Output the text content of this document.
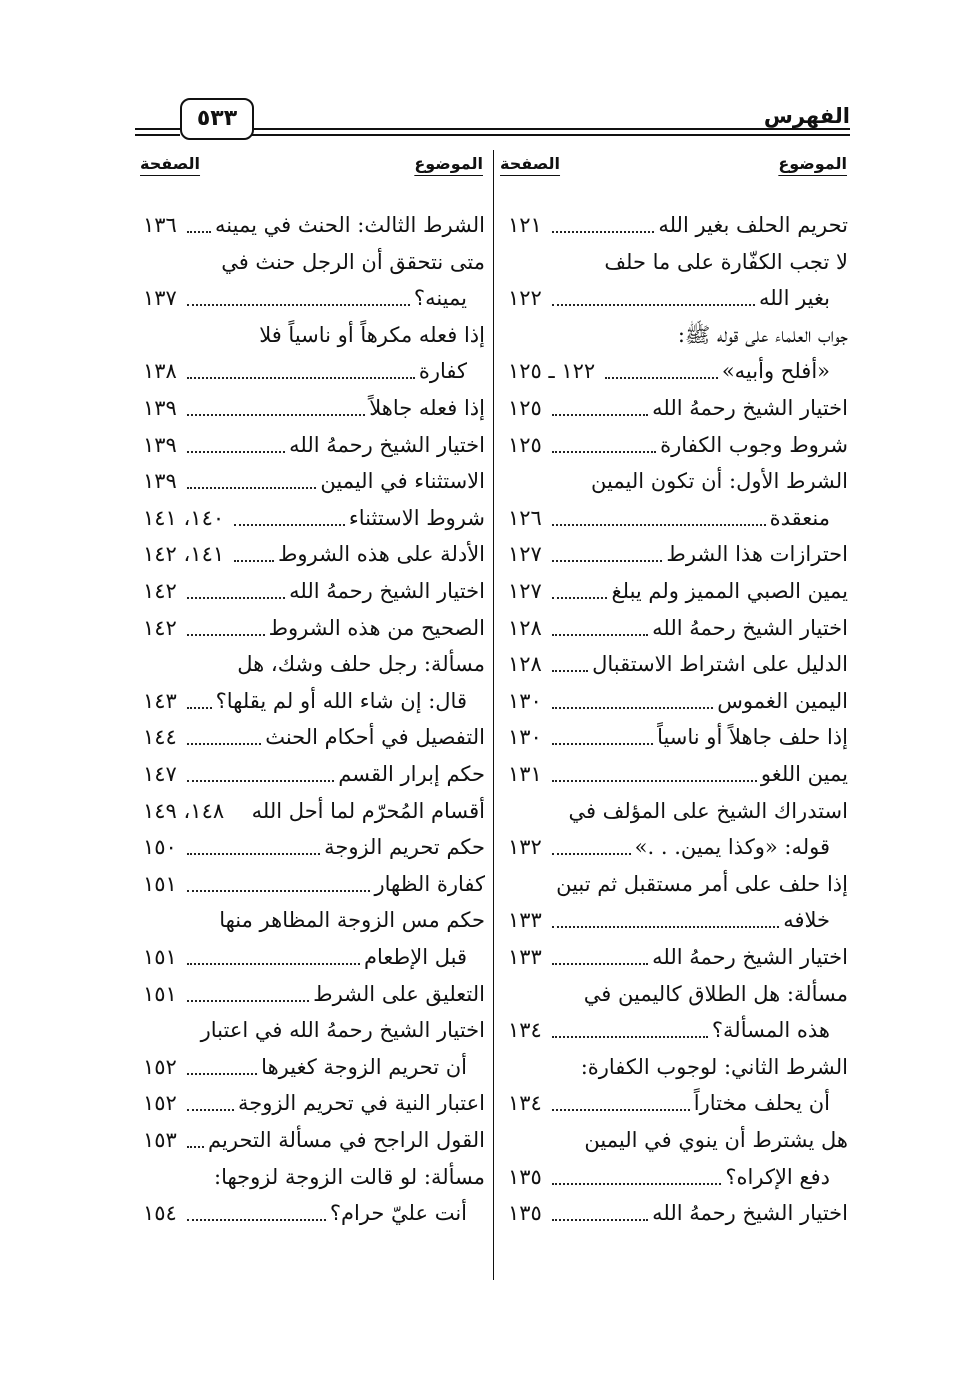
٥٣٣	الفهرس
الموضوع
الصفحة
الموضوع
الصفحة
تحريم الحلف بغير الله
١٢١
لا تجب الكفّارة على ما حلف
بغير الله
١٢٢
جواب العلماء على قوله ﷺ:
«أفلح وأبيه»
١٢٢ ـ ١٢٥
اختيار الشيخ رحمهُ الله
١٢٥
شروط وجوب الكفارة
١٢٥
الشرط الأول: أن تكون اليمين
منعقدة
١٢٦
احترازات هذا الشرط
١٢٧
يمين الصبي المميز ولم يبلغ
١٢٧
اختيار الشيخ رحمهُ الله
١٢٨
الدليل على اشتراط الاستقبال
١٢٨
اليمين الغموس
١٣٠
إذا حلف جاهلاً أو ناسياً
١٣٠
يمين اللغو
١٣١
استدراك الشيخ على المؤلف في
قوله: «وكذا يمين. . .»
١٣٢
إذا حلف على أمر مستقبل ثم تبين
خلافه
١٣٣
اختيار الشيخ رحمهُ الله
١٣٣
مسألة: هل الطلاق كاليمين في
هذه المسألة؟
١٣٤
الشرط الثاني: لوجوب الكفارة:
أن يحلف مختاراً
١٣٤
هل يشترط أن ينوي في اليمين
دفع الإكراه؟
١٣٥
اختيار الشيخ رحمهُ الله
١٣٥
الشرط الثالث: الحنث في يمينه
١٣٦
متى نتحقق أن الرجل حنث في
يمينه؟
١٣٧
إذا فعله مكرهاً أو ناسياً فلا
كفارة
١٣٨
إذا فعله جاهلاً
١٣٩
اختيار الشيخ رحمهُ الله
١٣٩
الاستثناء في اليمين
١٣٩
شروط الاستثناء
١٤٠، ١٤١
الأدلة على هذه الشروط
١٤١، ١٤٢
اختيار الشيخ رحمهُ الله
١٤٢
الصحيح من هذه الشروط
١٤٢
مسألة: رجل حلف وشك، هل
قال: إن شاء الله أو لم يقلها؟
١٤٣
التفصيل في أحكام الحنث
١٤٤
حكم إبرار القسم
١٤٧
أقسام المُحرّم لما أحل الله
١٤٨، ١٤٩
حكم تحريم الزوجة
١٥٠
كفارة الظهار
١٥١
حكم مس الزوجة المظاهر منها
قبل الإطعام
١٥١
التعليق على الشرط
١٥١
اختيار الشيخ رحمهُ الله في اعتبار
أن تحريم الزوجة كغيرها
١٥٢
اعتبار النية في تحريم الزوجة
١٥٢
القول الراجح في مسألة التحريم
١٥٣
مسألة: لو قالت الزوجة لزوجها:
أنت عليّ حرام؟
١٥٤
